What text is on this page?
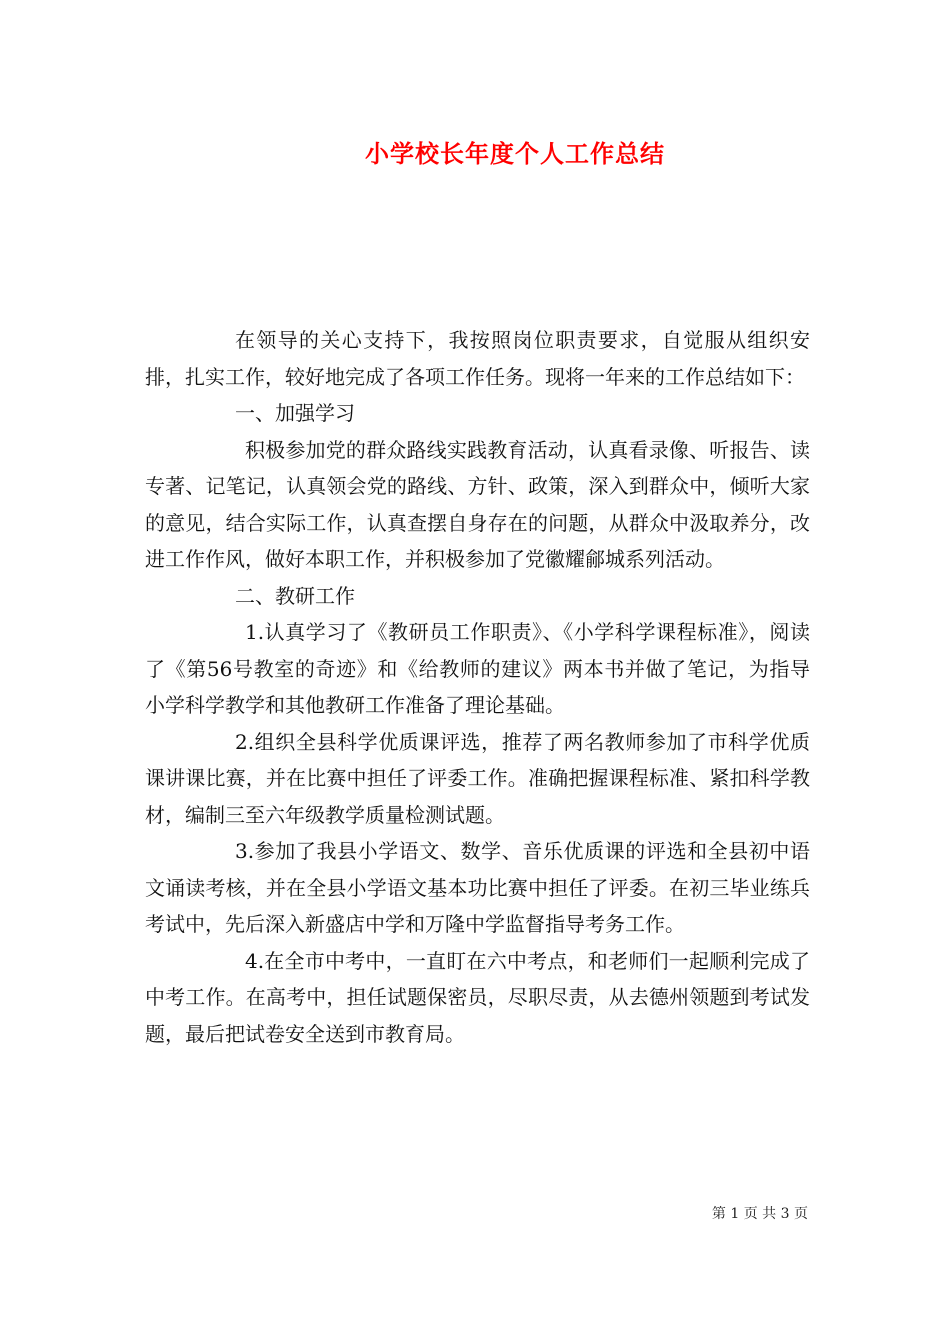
小学校长年度个人工作总结

在领导的关心支持下，我按照岗位职责要求，自觉服从组织安排，扎实工作，较好地完成了各项工作任务。现将一年来的工作总结如下：

一、加强学习

积极参加党的群众路线实践教育活动，认真看录像、听报告、读专著、记笔记，认真领会党的路线、方针、政策，深入到群众中，倾听大家的意见，结合实际工作，认真查摆自身存在的问题，从群众中汲取养分，改进工作作风，做好本职工作，并积极参加了党徽耀鄃城系列活动。

二、教研工作

1.认真学习了《教研员工作职责》、《小学科学课程标准》，阅读了《第56号教室的奇迹》和《给教师的建议》两本书并做了笔记，为指导小学科学教学和其他教研工作准备了理论基础。

2.组织全县科学优质课评选，推荐了两名教师参加了市科学优质课讲课比赛，并在比赛中担任了评委工作。准确把握课程标准、紧扣科学教材，编制三至六年级教学质量检测试题。

3.参加了我县小学语文、数学、音乐优质课的评选和全县初中语文诵读考核，并在全县小学语文基本功比赛中担任了评委。在初三毕业练兵考试中，先后深入新盛店中学和万隆中学监督指导考务工作。

4.在全市中考中，一直盯在六中考点，和老师们一起顺利完成了中考工作。在高考中，担任试题保密员，尽职尽责，从去德州领题到考试发题，最后把试卷安全送到市教育局。

第 1 页 共 3 页
